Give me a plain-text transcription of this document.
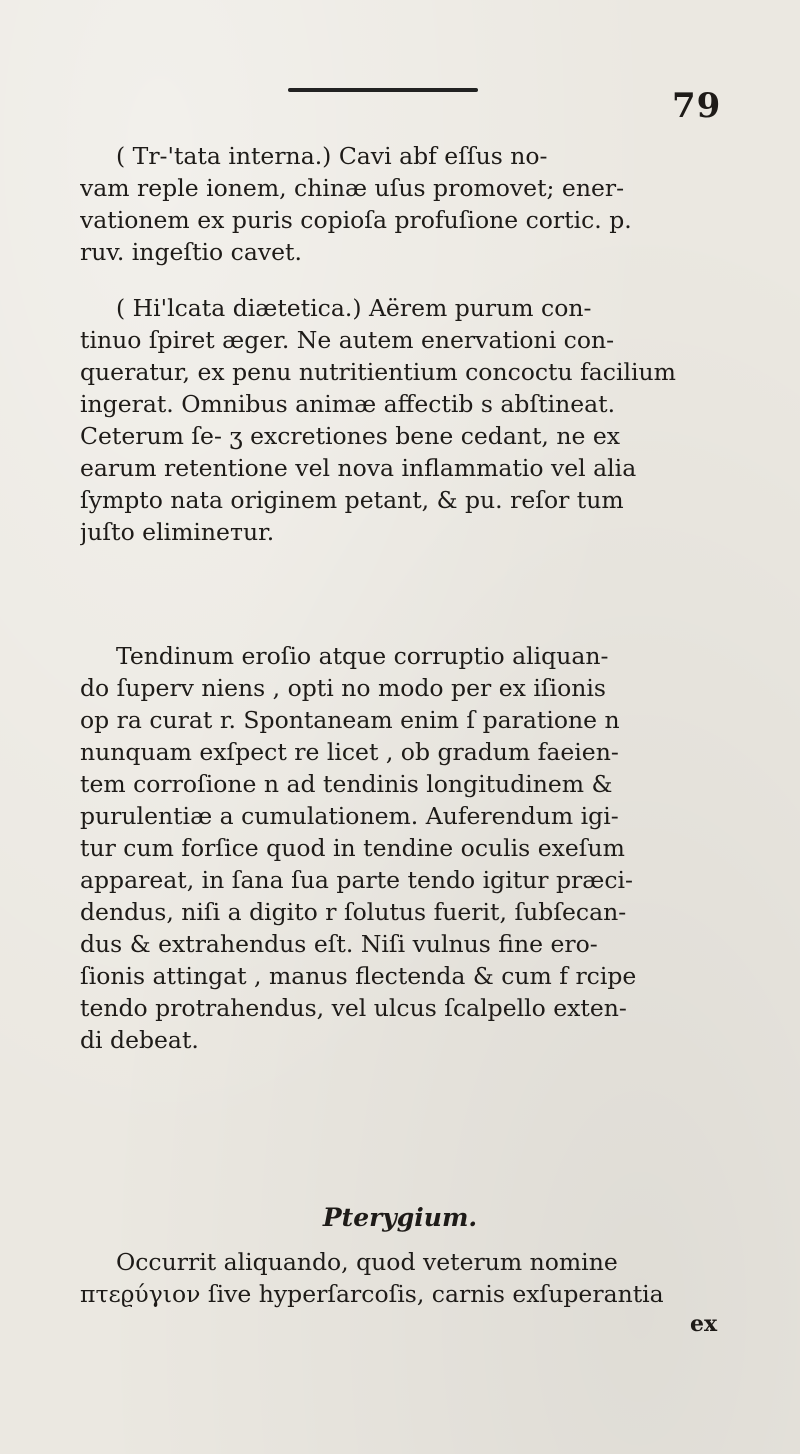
79
( Tr-'tata interna.) Cavi abf eſſus no-
vam reple ionem, chinæ uſus promovet; ener-
vationem ex puris copioſa profuſione cortic. p.
ruv. ingeſtio cavet.
( Hi'lcata diætetica.) Aërem purum con-
tinuo ſpiret æger. Ne autem enervationi con-
queratur, ex penu nutritientium concoctu facilium
ingerat. Omnibus animæ affectib s abſtineat.
Ceterum ſe- ʒ excretiones bene cedant, ne ex
earum retentione vel nova inflammatio vel alia
ſympto nata originem petant, & pu. reſor tum
juſto elimineтur.
Tendinum eroſio atque corruptio aliquan-
do ſuperv niens , opti no modo per ex iſionis
op ra curat r. Spontaneam enim ſ paratione n
nunquam exſpect re licet , ob gradum faeien-
tem corroſione n ad tendinis longitudinem &
purulentiæ a cumulationem. Auferendum igi-
tur cum forſice quod in tendine oculis exeſum
appareat, in ſana ſua parte tendo igitur præci-
dendus, niſi a digito r ſolutus fuerit, ſubſecan-
dus & extrahendus eſt. Niſi vulnus fine ero-
ſionis attingat , manus flectenda & cum f rcipe
tendo protrahendus, vel ulcus ſcalpello exten-
di debeat.
Pterygium.
Occurrit aliquando, quod veterum nomine
πτεϱύγιον ſive hyperſarcoſis, carnis exſuperantia
ex
